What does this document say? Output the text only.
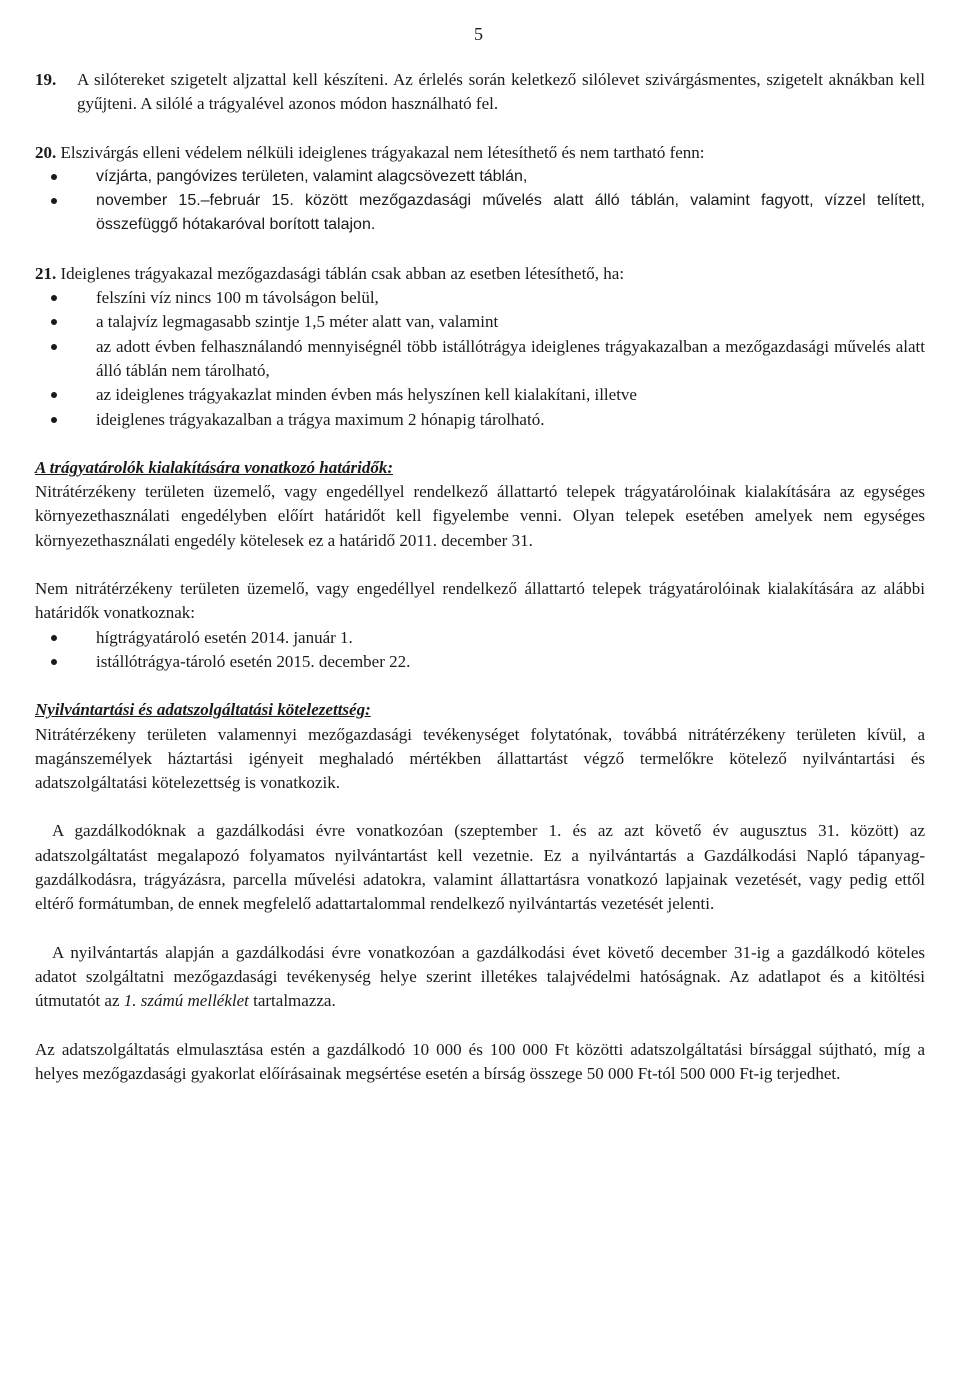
5

19. A silótereket szigetelt aljzattal kell készíteni. Az érlelés során keletkező silólevet szivárgásmentes, szigetelt aknákban kell gyűjteni. A silólé a trágyalével azonos módon használható fel.

20. Elszivárgás elleni védelem nélküli ideiglenes trágyakazal nem létesíthető és nem tartható fenn:

vízjárta, pangóvizes területen, valamint alagcsövezett táblán,
november 15.–február 15. között mezőgazdasági művelés alatt álló táblán, valamint fagyott, vízzel telített, összefüggő hótakaróval borított talajon.

21. Ideiglenes trágyakazal mezőgazdasági táblán csak abban az esetben létesíthető, ha:

felszíni víz nincs 100 m távolságon belül,
a talajvíz legmagasabb szintje 1,5 méter alatt van, valamint
az adott évben felhasználandó mennyiségnél több istállótrágya ideiglenes trágyakazalban a mezőgazdasági művelés alatt álló táblán nem tárolható,
az ideiglenes trágyakazlat minden évben más helyszínen kell kialakítani, illetve
ideiglenes trágyakazalban a trágya maximum 2 hónapig tárolható.

A trágyatárolók kialakítására vonatkozó határidők:

Nitrátérzékeny területen üzemelő, vagy engedéllyel rendelkező állattartó telepek trágyatárolóinak kialakítására az egységes környezethasználati engedélyben előírt határidőt kell figyelembe venni. Olyan telepek esetében amelyek nem egységes környezethasználati engedély kötelesek ez a határidő 2011. december 31.

Nem nitrátérzékeny területen üzemelő, vagy engedéllyel rendelkező állattartó telepek trágyatárolóinak kialakítására az alábbi határidők vonatkoznak:

hígtrágyatároló esetén 2014. január 1.
istállótrágya-tároló esetén 2015. december 22.

Nyilvántartási és adatszolgáltatási kötelezettség:

Nitrátérzékeny területen valamennyi mezőgazdasági tevékenységet folytatónak, továbbá nitrátérzékeny területen kívül, a magánszemélyek háztartási igényeit meghaladó mértékben állattartást végző termelőkre kötelező nyilvántartási és adatszolgáltatási kötelezettség is vonatkozik.

A gazdálkodóknak a gazdálkodási évre vonatkozóan (szeptember 1. és az azt követő év augusztus 31. között) az adatszolgáltatást megalapozó folyamatos nyilvántartást kell vezetnie. Ez a nyilvántartás a Gazdálkodási Napló tápanyag-gazdálkodásra, trágyázásra, parcella művelési adatokra, valamint állattartásra vonatkozó lapjainak vezetését, vagy pedig ettől eltérő formátumban, de ennek megfelelő adattartalommal rendelkező nyilvántartás vezetését jelenti.

A nyilvántartás alapján a gazdálkodási évre vonatkozóan a gazdálkodási évet követő december 31-ig a gazdálkodó köteles adatot szolgáltatni mezőgazdasági tevékenység helye szerint illetékes talajvédelmi hatóságnak. Az adatlapot és a kitöltési útmutatót az 1. számú melléklet tartalmazza.

Az adatszolgáltatás elmulasztása estén a gazdálkodó 10 000 és 100 000 Ft közötti adatszolgáltatási bírsággal sújtható, míg a helyes mezőgazdasági gyakorlat előírásainak megsértése esetén a bírság összege 50 000 Ft-tól 500 000 Ft-ig terjedhet.
